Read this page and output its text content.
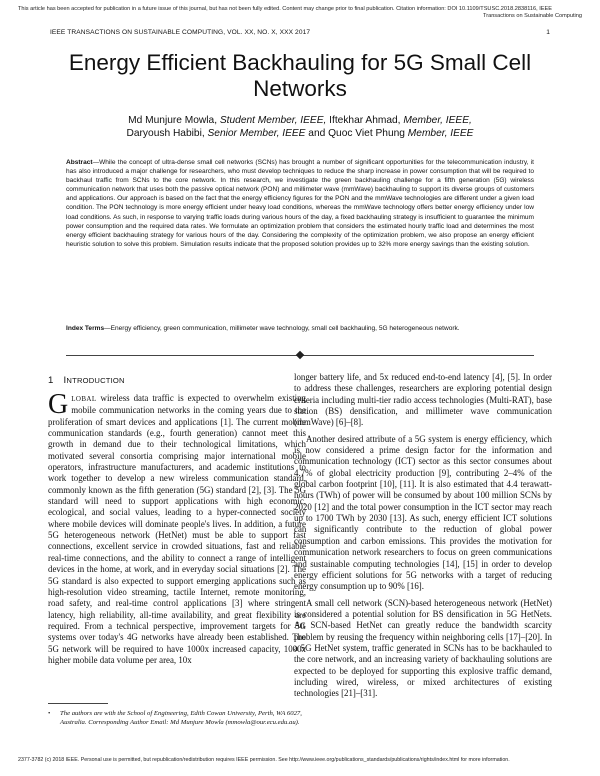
This article has been accepted for publication in a future issue of this journal, but has not been fully edited. Content may change prior to final publication. Citation information: DOI 10.1109/TSUSC.2018.2838116, IEEE
Transactions on Sustainable Computing
IEEE TRANSACTIONS ON SUSTAINABLE COMPUTING, VOL. XX, NO. X, XXX 2017	1
Energy Efficient Backhauling for 5G Small Cell Networks
Md Munjure Mowla, Student Member, IEEE, Iftekhar Ahmad, Member, IEEE,
Daryoush Habibi, Senior Member, IEEE and Quoc Viet Phung Member, IEEE
Abstract—While the concept of ultra-dense small cell networks (SCNs) has brought a number of significant opportunities for the telecommunication industry, it has also introduced a major challenge for researchers, who must develop techniques to reduce the sharp increase in power consumption that will be required to backhaul traffic from SCNs to the core network. In this research, we investigate the green backhauling challenge for a fifth generation (5G) wireless communication network that uses both the passive optical network (PON) and millimeter wave (mmWave) backhauling to support its diverse groups of customers and applications. Our approach is based on the fact that the energy efficiency figures for the PON and the mmWave technologies are different under a given load condition. The PON technology is more energy efficient under heavy load conditions, whereas the mmWave technology offers better energy efficiency under low load conditions. As such, in response to varying traffic loads during various hours of the day, a fixed backhauling strategy is insufficient to guarantee the minimum power consumption and the required data rates. We formulate an optimization problem that considers the estimated hourly traffic load and determines the most energy efficient backhauling strategy for various hours of the day. Considering the complexity of the optimization problem, we also propose an energy efficient heuristic solution to solve this problem. Simulation results indicate that the proposed solution provides up to 32% more energy savings than the existing solution.
Index Terms—Energy efficiency, green communication, millimeter wave technology, small cell backhauling, 5G heterogeneous network.
1 INTRODUCTION

GLOBAL wireless data traffic is expected to overwhelm existing mobile communication networks in the coming years due to the proliferation of smart devices and applications [1]. The current mobile communication standards (e.g., fourth generation) cannot meet this growth in demand due to their technological limitations, which motivated several consortia comprising major international mobile operators, infrastructure manufacturers, and academic institutions to work together to develop a new wireless communication standard, commonly known as the fifth generation (5G) standard [2], [3]. The 5G standard will need to support applications with high economic, ecological, and social values, leading to a hyper-connected society where mobile devices will dominate people's lives. In addition, a future 5G heterogeneous network (HetNet) must be able to support fast connections, excellent service in crowded situations, fast and reliable real-time connections, and the ability to connect a range of intelligent devices in the home, at work, and in everyday social situations [2]. The 5G standard is also expected to support emerging applications such as high-resolution video streaming, tactile Internet, remote monitoring, road safety, and real-time control applications [3] where stringent latency, high reliability, all-time availability, and great flexibility are required. From a technical perspective, improvement targets for 5G systems over today's 4G networks have already been established. The 5G network will be required to have 1000x increased capacity, 1000x higher mobile data volume per area, 10x

longer battery life, and 5x reduced end-to-end latency [4], [5]. In order to address these challenges, researchers are exploring potential design criteria including multi-tier radio access technologies (Multi-RAT), base station (BS) densification, and millimeter wave communication (mmWave) [6]–[8].

Another desired attribute of a 5G system is energy efficiency, which is now considered a prime design factor for the information and communication technology (ICT) sector as this sector consumes about 4.7% of global electricity production [9], contributing 2–4% of the global carbon footprint [10], [11]. It is also estimated that 4.4 terawatt-hours (TWh) of power will be consumed by about 100 million SCNs by 2020 [12] and the total power consumption in the ICT sector may reach up to 1700 TWh by 2030 [13]. As such, energy efficient ICT solutions can significantly contribute to the reduction of global power consumption and carbon emissions. This provides the motivation for communication network researchers to focus on green communications and sustainable computing technologies [14], [15] in order to develop energy efficient solutions for 5G networks with a target of reducing energy consumption up to 90% [16].

A small cell network (SCN)-based heterogeneous network (HetNet) is considered a potential solution for BS densification in 5G HetNets. An SCN-based HetNet can greatly reduce the bandwidth scarcity problem by reusing the frequency within neighboring cells [17]–[20]. In a 5G HetNet system, traffic generated in SCNs has to be backhauled to the core network, and an increasing variety of backhauling solutions are expected to be deployed for supporting this explosive traffic demand, including wired, wireless, or mixed architectures of existing technologies [21]–[31].

•	The authors are with the School of Engineering, Edith Cowan University, Perth, WA 6027, Australia. Corresponding Author Email: Md Munjure Mowla (mmowla@our.ecu.edu.au).
2377-3782 (c) 2018 IEEE. Personal use is permitted, but republication/redistribution requires IEEE permission. See http://www.ieee.org/publications_standards/publications/rights/index.html for more information.
